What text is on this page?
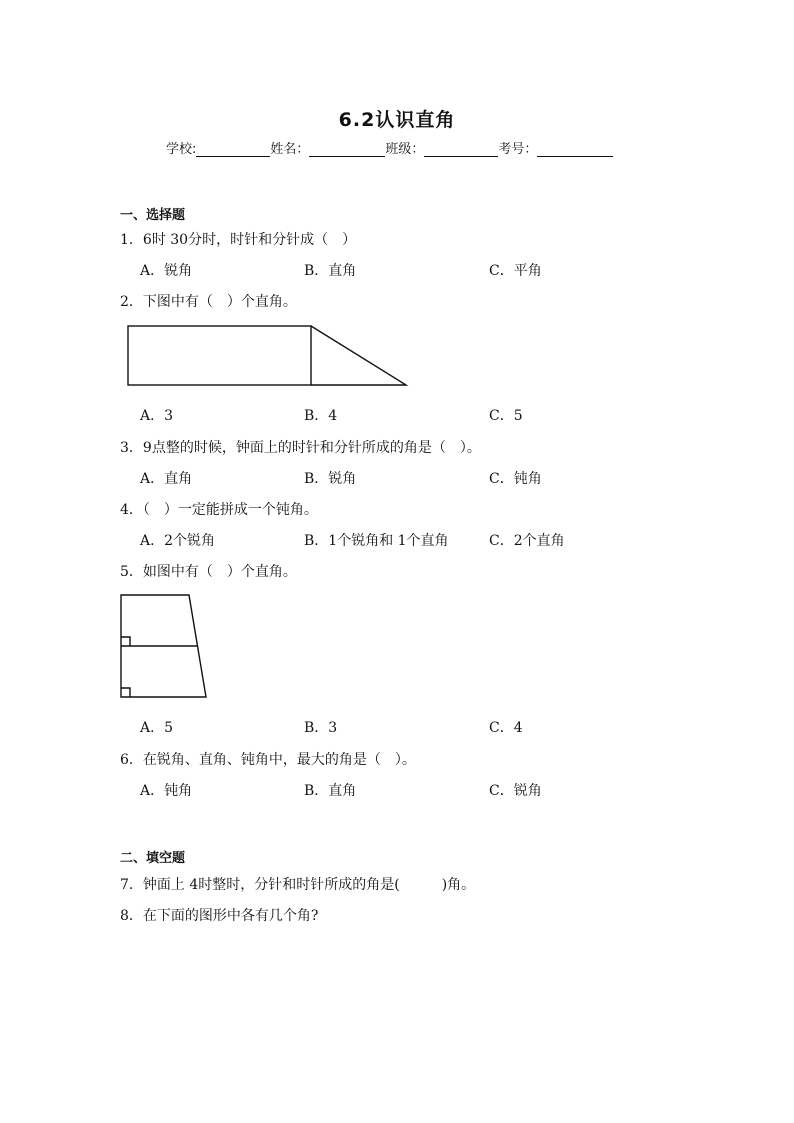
6.2认识直角
学校:	姓名：	班级：	考号：
一、选择题
1．6时 30分时，时针和分针成（　）
A．锐角	B．直角	C．平角
2．下图中有（　）个直角。
A．3	B．4	C．5
3．9点整的时候，钟面上的时针和分针所成的角是（　）。
A．直角	B．锐角	C．钝角
4．（　）一定能拼成一个钝角。
A．2个锐角	B．1个锐角和 1个直角	C．2个直角
5．如图中有（　）个直角。
A．5	B．3	C．4
6．在锐角、直角、钝角中，最大的角是（　）。
A．钝角	B．直角	C．锐角
二、填空题
7．钟面上 4时整时，分针和时针所成的角是(　　　)角。
8．在下面的图形中各有几个角?
